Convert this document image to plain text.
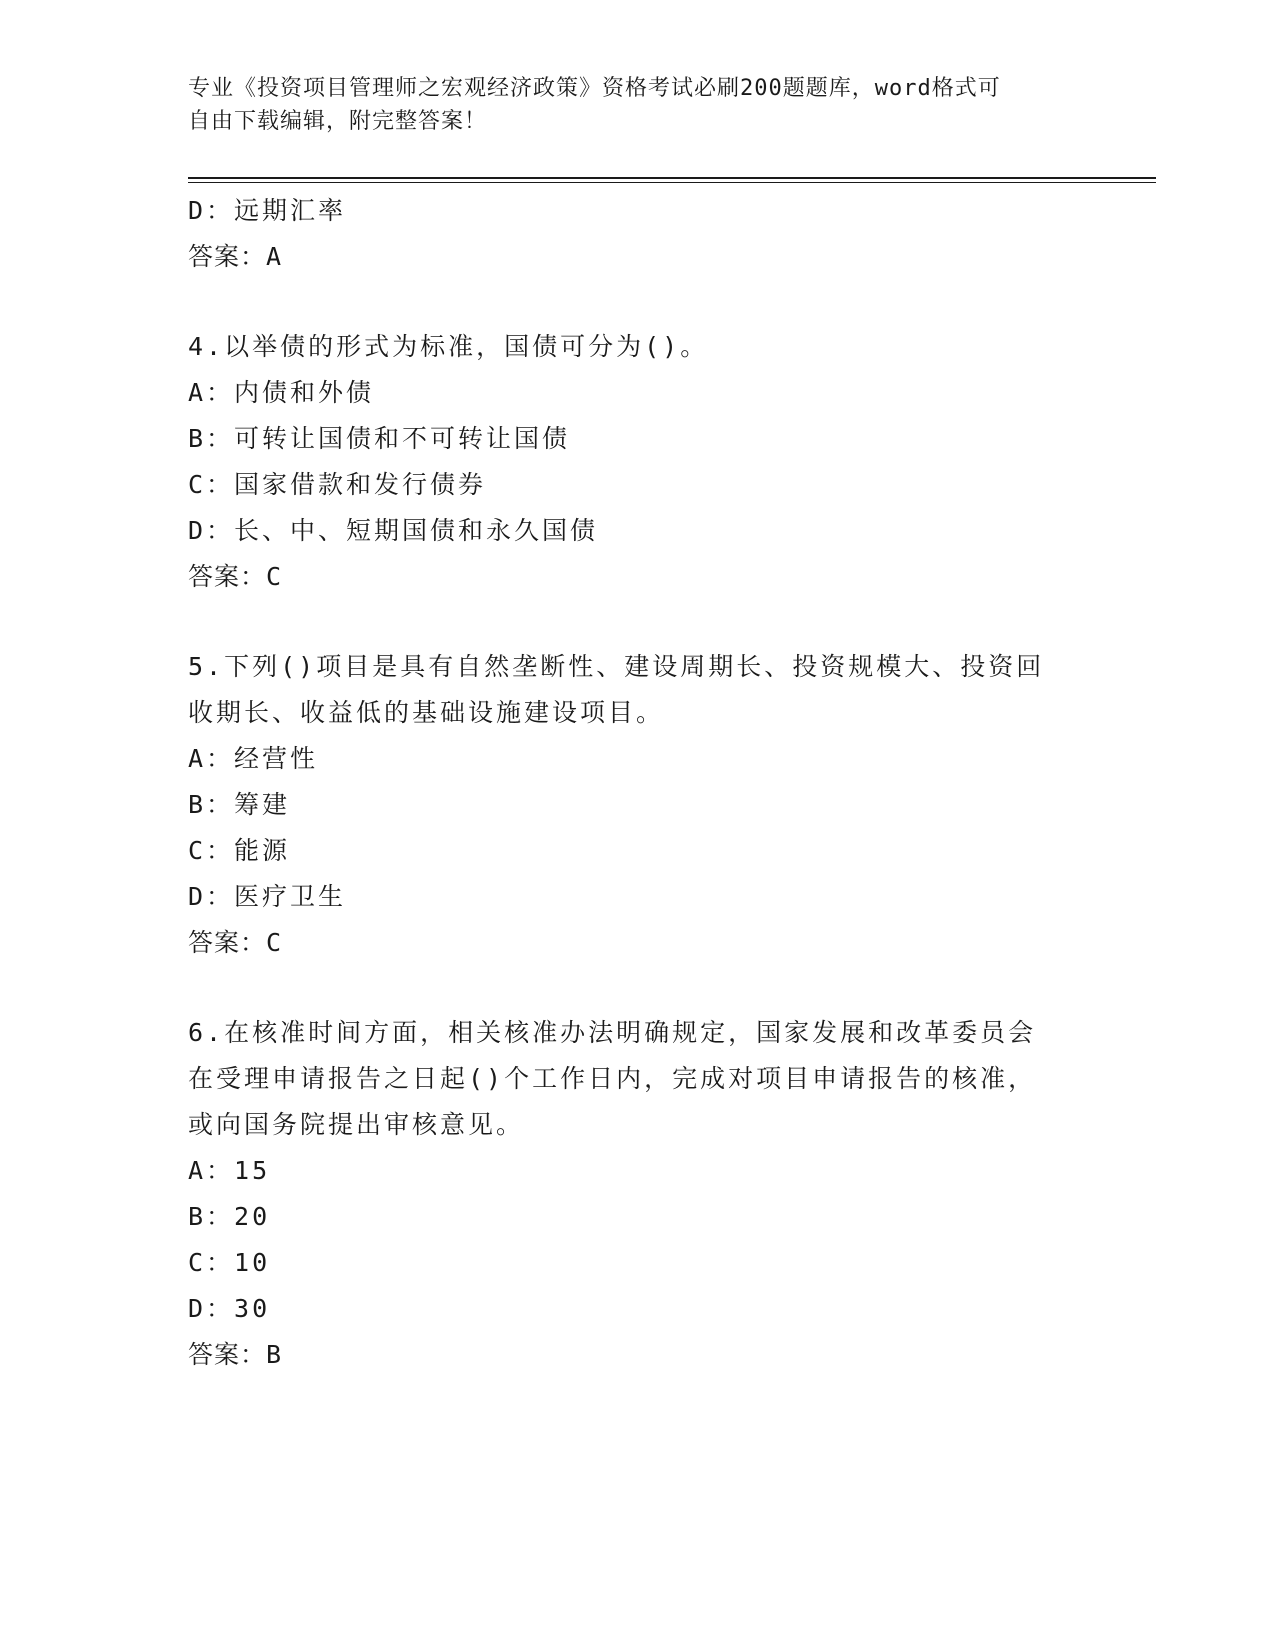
专业《投资项目管理师之宏观经济政策》资格考试必刷200题题库，word格式可
自由下载编辑，附完整答案！
D：远期汇率
答案：A
4.以举债的形式为标准，国债可分为()。
A：内债和外债
B：可转让国债和不可转让国债
C：国家借款和发行债券
D：长、中、短期国债和永久国债
答案：C
5.下列()项目是具有自然垄断性、建设周期长、投资规模大、投资回
收期长、收益低的基础设施建设项目。
A：经营性
B：筹建
C：能源
D：医疗卫生
答案：C
6.在核准时间方面，相关核准办法明确规定，国家发展和改革委员会
在受理申请报告之日起()个工作日内，完成对项目申请报告的核准，
或向国务院提出审核意见。
A：15
B：20
C：10
D：30
答案：B
